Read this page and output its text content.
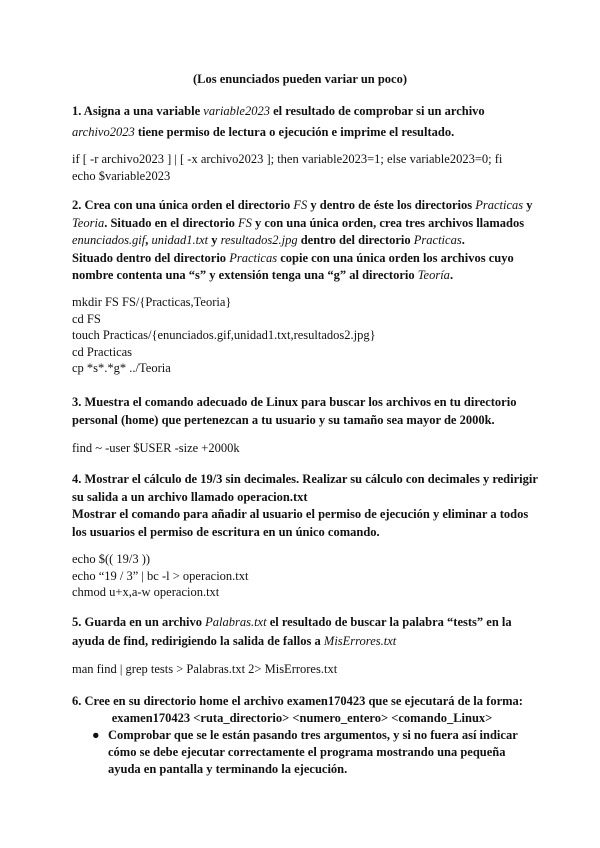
(Los enunciados pueden variar un poco)

1. Asigna a una variable variable2023 el resultado de comprobar si un archivo
archivo2023 tiene permiso de lectura o ejecución e imprime el resultado.

if [ -r archivo2023 ] | [ -x archivo2023 ]; then variable2023=1; else variable2023=0; fi
echo $variable2023

2. Crea con una única orden el directorio FS y dentro de éste los directorios Practicas y
Teoria. Situado en el directorio FS y con una única orden, crea tres archivos llamados
enunciados.gif, unidad1.txt y resultados2.jpg dentro del directorio Practicas.
Situado dentro del directorio Practicas copie con una única orden los archivos cuyo
nombre contenta una “s” y extensión tenga una “g” al directorio Teoría.

mkdir FS FS/{Practicas,Teoria}
cd FS
touch Practicas/{enunciados.gif,unidad1.txt,resultados2.jpg}
cd Practicas
cp *s*.*g* ../Teoria

3. Muestra el comando adecuado de Linux para buscar los archivos en tu directorio
personal (home) que pertenezcan a tu usuario y su tamaño sea mayor de 2000k.

find ~ -user $USER -size +2000k

4. Mostrar el cálculo de 19/3 sin decimales. Realizar su cálculo con decimales y redirigir
su salida a un archivo llamado operacion.txt
Mostrar el comando para añadir al usuario el permiso de ejecución y eliminar a todos
los usuarios el permiso de escritura en un único comando.

echo $(( 19/3 ))
echo “19 / 3” | bc -l > operacion.txt
chmod u+x,a-w operacion.txt

5. Guarda en un archivo Palabras.txt el resultado de buscar la palabra “tests” en la
ayuda de find, redirigiendo la salida de fallos a MisErrores.txt

man find | grep tests > Palabras.txt 2> MisErrores.txt

6. Cree en su directorio home el archivo examen170423 que se ejecutará de la forma:

examen170423 <ruta_directorio> <numero_entero> <comando_Linux>

● Comprobar que se le están pasando tres argumentos, y si no fuera así indicar
cómo se debe ejecutar correctamente el programa mostrando una pequeña
ayuda en pantalla y terminando la ejecución.
